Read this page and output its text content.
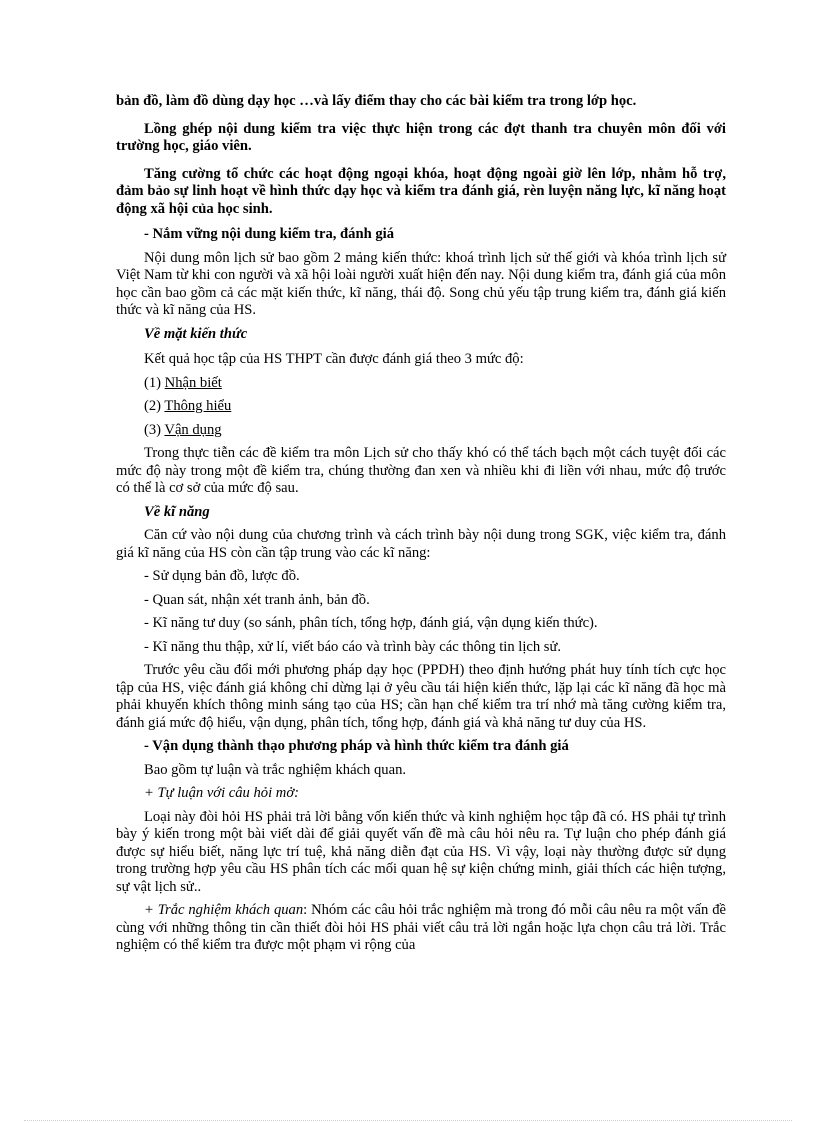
bản đồ, làm đồ dùng dạy học …và lấy điểm thay cho các bài kiểm tra trong lớp học.

Lồng ghép nội dung kiểm tra việc thực hiện trong các đợt thanh tra chuyên môn đối với trường học, giáo viên.

Tăng cường tổ chức các hoạt động ngoại khóa, hoạt động ngoài giờ lên lớp, nhằm hỗ trợ, đảm bảo sự linh hoạt về hình thức dạy học và kiểm tra đánh giá, rèn luyện năng lực, kĩ năng hoạt động xã hội của học sinh.

- Nắm vững nội dung kiểm tra, đánh giá

Nội dung môn lịch sử bao gồm 2 mảng kiến thức: khoá trình lịch sử thế giới và khóa trình lịch sử Việt Nam từ khi con người và xã hội loài người xuất hiện đến nay. Nội dung kiểm tra, đánh giá của môn học cần bao gồm cả các mặt kiến thức, kĩ năng, thái độ. Song chủ yếu tập trung kiểm tra, đánh giá kiến thức và kĩ năng của HS.

Về mặt kiến thức

Kết quả học tập của HS THPT cần được đánh giá theo 3 mức độ:

(1) Nhận biết

(2) Thông hiểu

(3) Vận dụng

Trong thực tiễn các đề kiểm tra môn Lịch sử cho thấy khó có thể tách bạch một cách tuyệt đối các mức độ này trong một đề kiểm tra, chúng thường đan xen và nhiều khi đi liền với nhau, mức độ trước có thể là cơ sở của mức độ sau.

Về kĩ năng

Căn cứ vào nội dung của chương trình và cách trình bày nội dung trong SGK, việc kiểm tra, đánh giá kĩ năng của HS còn cần tập trung vào các kĩ năng:

- Sử dụng bản đồ, lược đồ.

- Quan sát, nhận xét tranh ảnh, bản đồ.

- Kĩ năng tư duy (so sánh, phân tích, tổng hợp, đánh giá, vận dụng kiến thức).

- Kĩ năng thu thập, xử lí, viết báo cáo và trình bày các thông tin lịch sử.

Trước yêu cầu đổi mới phương pháp dạy học (PPDH) theo định hướng phát huy tính tích cực học tập của HS, việc đánh giá không chỉ dừng lại ở yêu cầu tái hiện kiến thức, lặp lại các kĩ năng đã học mà phải khuyến khích thông minh sáng tạo của HS; cần hạn chế kiểm tra trí nhớ mà tăng cường kiểm tra, đánh giá mức độ hiểu, vận dụng, phân tích, tổng hợp, đánh giá và khả năng tư duy của HS.

- Vận dụng thành thạo phương pháp và hình thức kiểm tra đánh giá

Bao gồm tự luận và trắc nghiệm khách quan.

+ Tự luận với câu hỏi mở:

Loại này đòi hỏi HS phải trả lời bằng vốn kiến thức và kinh nghiệm học tập đã có. HS phải tự trình bày ý kiến trong một bài viết dài để giải quyết vấn đề mà câu hỏi nêu ra. Tự luận cho phép đánh giá được sự hiểu biết, năng lực trí tuệ, khả năng diễn đạt của HS. Vì vậy, loại này thường được sử dụng trong trường hợp yêu cầu HS phân tích các mối quan hệ sự kiện chứng minh, giải thích các hiện tượng, sự vật lịch sử..

+ Trắc nghiệm khách quan: Nhóm các câu hỏi trắc nghiệm mà trong đó mỗi câu nêu ra một vấn đề cùng với những thông tin cần thiết đòi hỏi HS phải viết câu trả lời ngắn hoặc lựa chọn câu trả lời. Trắc nghiệm có thể kiểm tra được một phạm vi rộng của
